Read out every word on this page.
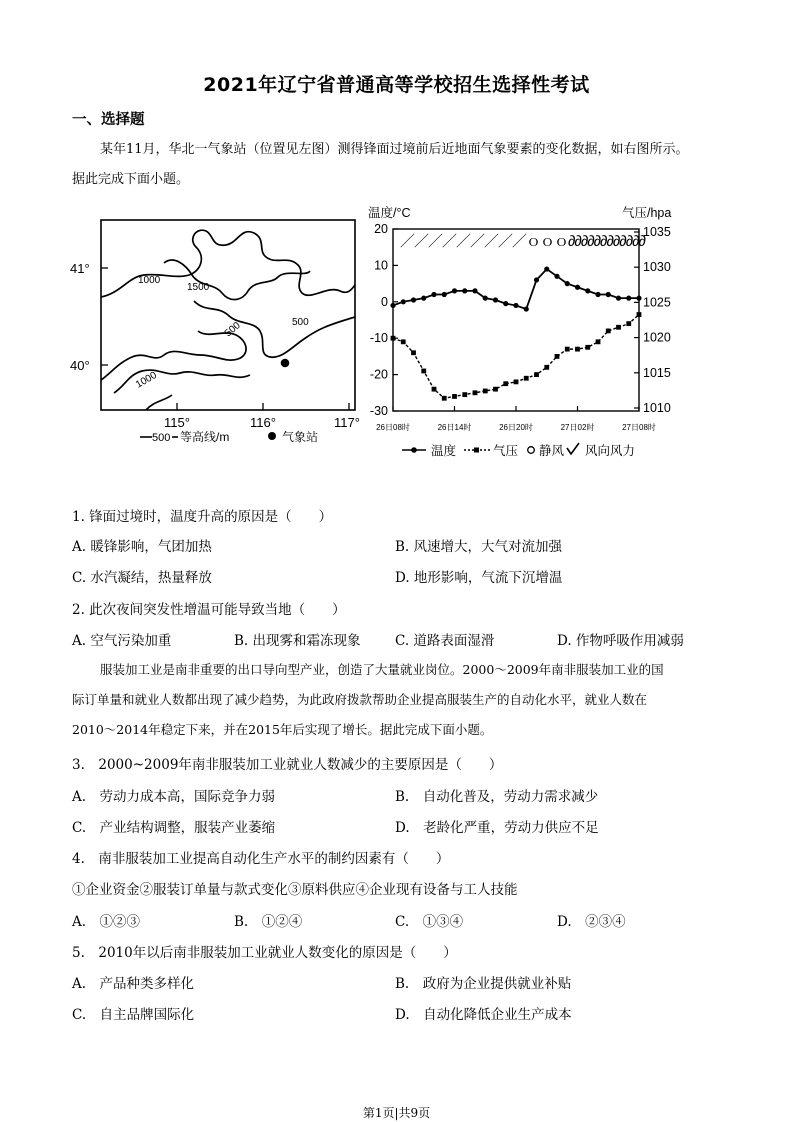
2021年辽宁省普通高等学校招生选择性考试
一、选择题
某年11月，华北一气象站（位置见左图）测得锋面过境前后近地面气象要素的变化数据，如右图所示。
据此完成下面小题。
1000
1500
500	500
1000
41°
40°
115°	116°	117°
500 等高线/m	气象站
温度/°C	气压/hpa
20
10
0
-10
-20
-30
1035
1030
1025
1020
1015
1010
26日08时	26日14时	26日20时	27日02时	27日08时
／／／／／／／／／ｏｏｏ∂∂∂∂∂∂∂∂∂∂∂∂
温度	气压 静风 风向风力
1. 锋面过境时，温度升高的原因是（　　）
A. 暖锋影响，气团加热	B. 风速增大，大气对流加强
C. 水汽凝结，热量释放	D. 地形影响，气流下沉增温
2. 此次夜间突发性增温可能导致当地（　　）
A. 空气污染加重	B. 出现雾和霜冻现象	C. 道路表面湿滑	D. 作物呼吸作用减弱
服装加工业是南非重要的出口导向型产业，创造了大量就业岗位。2000～2009年南非服装加工业的国
际订单量和就业人数都出现了减少趋势，为此政府拨款帮助企业提高服装生产的自动化水平，就业人数在
2010～2014年稳定下来，并在2015年后实现了增长。据此完成下面小题。
3.　2000~2009年南非服装加工业就业人数减少的主要原因是（　　）
A.　劳动力成本高，国际竞争力弱	B.　自动化普及，劳动力需求减少
C.　产业结构调整，服装产业萎缩	D.　老龄化严重，劳动力供应不足
4.　南非服装加工业提高自动化生产水平的制约因素有（　　）
①企业资金②服装订单量与款式变化③原料供应④企业现有设备与工人技能
A.　①②③	B.　①②④	C.　①③④	D.　②③④
5.　2010年以后南非服装加工业就业人数变化的原因是（　　）
A.　产品种类多样化	B.　政府为企业提供就业补贴
C.　自主品牌国际化	D.　自动化降低企业生产成本
第1页|共9页
